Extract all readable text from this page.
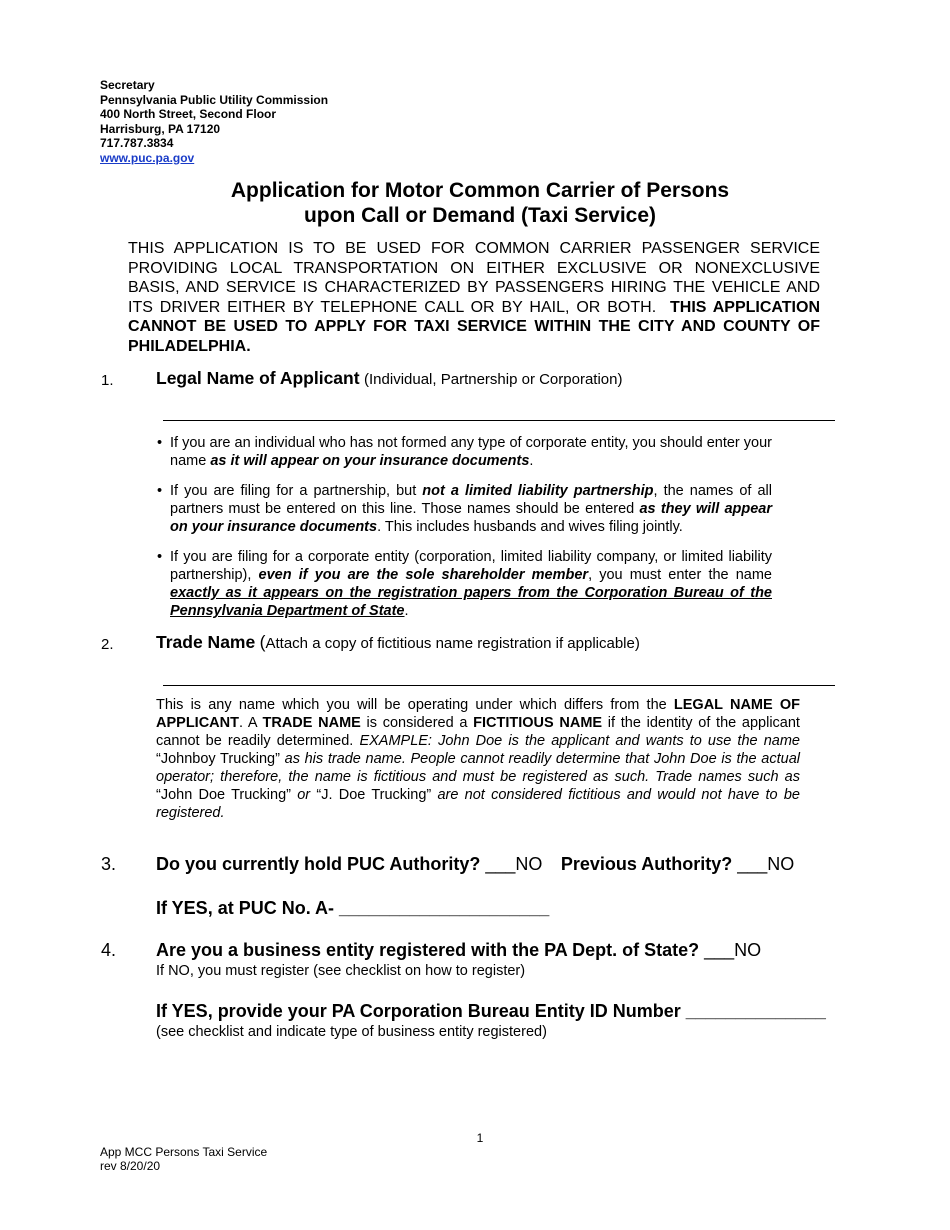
Secretary
Pennsylvania Public Utility Commission
400 North Street, Second Floor
Harrisburg, PA 17120
717.787.3834
www.puc.pa.gov
Application for Motor Common Carrier of Persons
upon Call or Demand (Taxi Service)
THIS APPLICATION IS TO BE USED FOR COMMON CARRIER PASSENGER SERVICE PROVIDING LOCAL TRANSPORTATION ON EITHER EXCLUSIVE OR NONEXCLUSIVE BASIS, AND SERVICE IS CHARACTERIZED BY PASSENGERS HIRING THE VEHICLE AND ITS DRIVER EITHER BY TELEPHONE CALL OR BY HAIL, OR BOTH. THIS APPLICATION CANNOT BE USED TO APPLY FOR TAXI SERVICE WITHIN THE CITY AND COUNTY OF PHILADELPHIA.
1. Legal Name of Applicant (Individual, Partnership or Corporation)
• If you are an individual who has not formed any type of corporate entity, you should enter your name as it will appear on your insurance documents.
• If you are filing for a partnership, but not a limited liability partnership, the names of all partners must be entered on this line. Those names should be entered as they will appear on your insurance documents. This includes husbands and wives filing jointly.
• If you are filing for a corporate entity (corporation, limited liability company, or limited liability partnership), even if you are the sole shareholder member, you must enter the name exactly as it appears on the registration papers from the Corporation Bureau of the Pennsylvania Department of State.
2. Trade Name (Attach a copy of fictitious name registration if applicable)
This is any name which you will be operating under which differs from the LEGAL NAME OF APPLICANT. A TRADE NAME is considered a FICTITIOUS NAME if the identity of the applicant cannot be readily determined. EXAMPLE: John Doe is the applicant and wants to use the name “Johnboy Trucking” as his trade name. People cannot readily determine that John Doe is the actual operator; therefore, the name is fictitious and must be registered as such. Trade names such as “John Doe Trucking” or “J. Doe Trucking” are not considered fictitious and would not have to be registered.
3. Do you currently hold PUC Authority? ___NO Previous Authority? ___NO
If YES, at PUC No. A- _____________________
4. Are you a business entity registered with the PA Dept. of State? ___NO
If NO, you must register (see checklist on how to register)
If YES, provide your PA Corporation Bureau Entity ID Number ______________
(see checklist and indicate type of business entity registered)
1
App MCC Persons Taxi Service
rev 8/20/20
